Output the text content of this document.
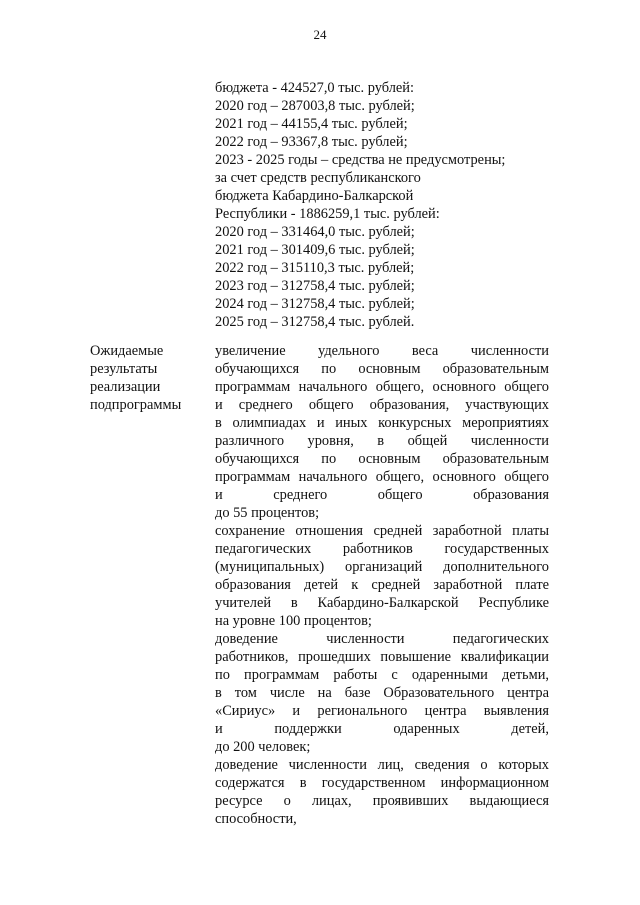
24
бюджета - 424527,0 тыс. рублей:
2020 год – 287003,8 тыс. рублей;
2021 год – 44155,4 тыс. рублей;
2022 год – 93367,8 тыс. рублей;
2023 - 2025 годы – средства не предусмотрены;
за счет средств республиканского
бюджета Кабардино-Балкарской
Республики - 1886259,1 тыс. рублей:
2020 год – 331464,0 тыс. рублей;
2021 год – 301409,6 тыс. рублей;
2022 год – 315110,3 тыс. рублей;
2023 год – 312758,4 тыс. рублей;
2024 год – 312758,4 тыс. рублей;
2025 год – 312758,4 тыс. рублей.
Ожидаемые
результаты
реализации
подпрограммы
увеличение удельного веса численности
обучающихся по основным образовательным
программам начального общего, основного общего
и среднего общего образования, участвующих
в олимпиадах и иных конкурсных мероприятиях
различного уровня, в общей численности
обучающихся по основным образовательным
программам начального общего, основного общего
и среднего общего образования
до 55 процентов;
сохранение отношения средней заработной платы
педагогических работников государственных
(муниципальных) организаций дополнительного
образования детей к средней заработной плате
учителей в Кабардино-Балкарской Республике
на уровне 100 процентов;
доведение численности педагогических
работников, прошедших повышение квалификации
по программам работы с одаренными детьми,
в том числе на базе Образовательного центра
«Сириус» и регионального центра выявления
и поддержки одаренных детей,
до 200 человек;
доведение численности лиц, сведения о которых
содержатся в государственном информационном
ресурсе о лицах, проявивших выдающиеся
способности,
